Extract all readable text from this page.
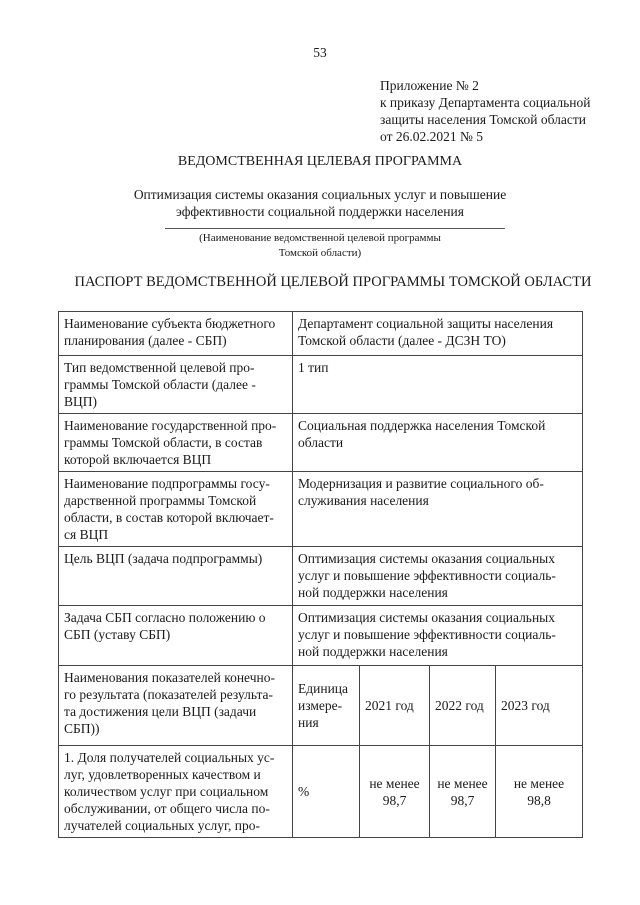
53
Приложение № 2
к приказу Департамента социальной
защиты населения Томской области
от 26.02.2021 № 5
ВЕДОМСТВЕННАЯ ЦЕЛЕВАЯ ПРОГРАММА
Оптимизация системы оказания социальных услуг и повышение
эффективности социальной поддержки населения
(Наименование ведомственной целевой программы
Томской области)
ПАСПОРТ ВЕДОМСТВЕННОЙ ЦЕЛЕВОЙ ПРОГРАММЫ ТОМСКОЙ ОБЛАСТИ
Наименование субъекта бюджетного
планирования (далее - СБП)	Департамент социальной защиты населения
Томской области (далее - ДСЗН ТО)			
Тип ведомственной целевой про-
граммы Томской области (далее -
ВЦП)	1 тип			
Наименование государственной про-
граммы Томской области, в состав
которой включается ВЦП	Социальная поддержка населения Томской
области			
Наименование подпрограммы госу-
дарственной программы Томской
области, в состав которой включает-
ся ВЦП	Модернизация и развитие социального об-
служивания населения			
Цель ВЦП (задача подпрограммы)	Оптимизация системы оказания социальных
услуг и повышение эффективности социаль-
ной поддержки населения			
Задача СБП согласно положению о
СБП (уставу СБП)	Оптимизация системы оказания социальных
услуг и повышение эффективности социаль-
ной поддержки населения			
Наименования показателей конечно-
го результата (показателей результа-
та достижения цели ВЦП (задачи
СБП))	Единица
измере-
ния	2021 год	2022 год	2023 год
1. Доля получателей социальных ус-
луг, удовлетворенных качеством и
количеством услуг при социальном
обслуживании, от общего числа по-
лучателей социальных услуг, про-	%	не менее
98,7	не менее
98,7	не менее
98,8
